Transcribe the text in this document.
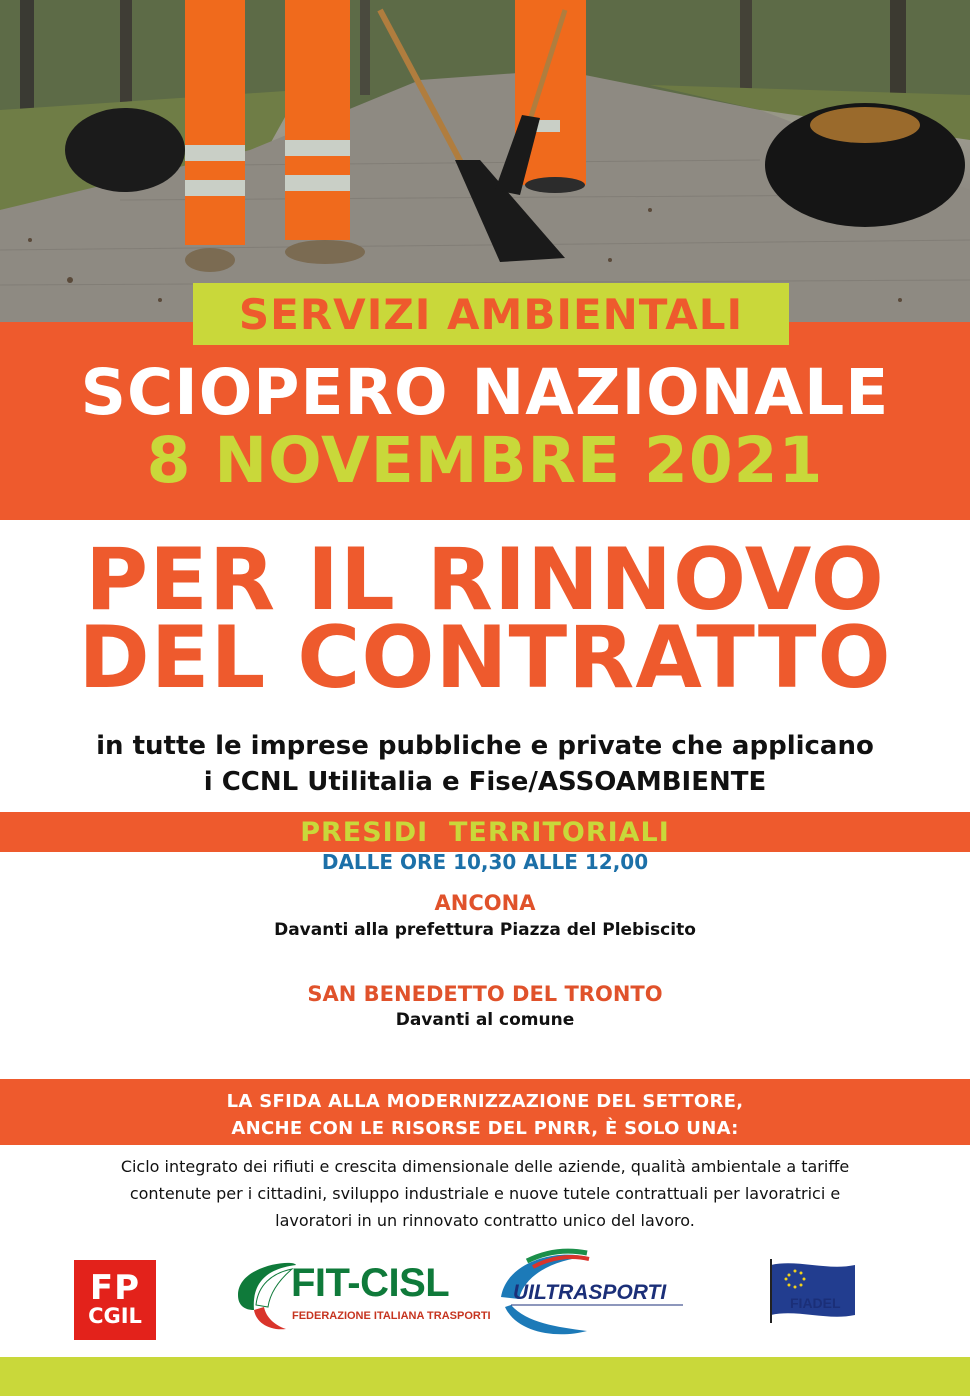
SERVIZI AMBIENTALI
SCIOPERO NAZIONALE
8 NOVEMBRE 2021
PER IL RINNOVO
DEL CONTRATTO
in tutte le imprese pubbliche e private che applicano
i CCNL Utilitalia e Fise/ASSOAMBIENTE
PRESIDI  TERRITORIALI
DALLE ORE 10,30 ALLE 12,00
ANCONA
Davanti alla prefettura Piazza del Plebiscito
SAN BENEDETTO DEL TRONTO
Davanti al comune
LA SFIDA ALLA MODERNIZZAZIONE DEL SETTORE,
ANCHE CON LE RISORSE DEL PNRR, È SOLO UNA:
Ciclo integrato dei rifiuti e crescita dimensionale delle aziende, qualità ambientale a tariffe
contenute per i cittadini, sviluppo industriale e nuove tutele contrattuali per lavoratrici e
lavoratori in un rinnovato contratto unico del lavoro.
FP
CGIL
FIT-CISL
FEDERAZIONE ITALIANA TRASPORTI
UILTRASPORTI	FIADEL
